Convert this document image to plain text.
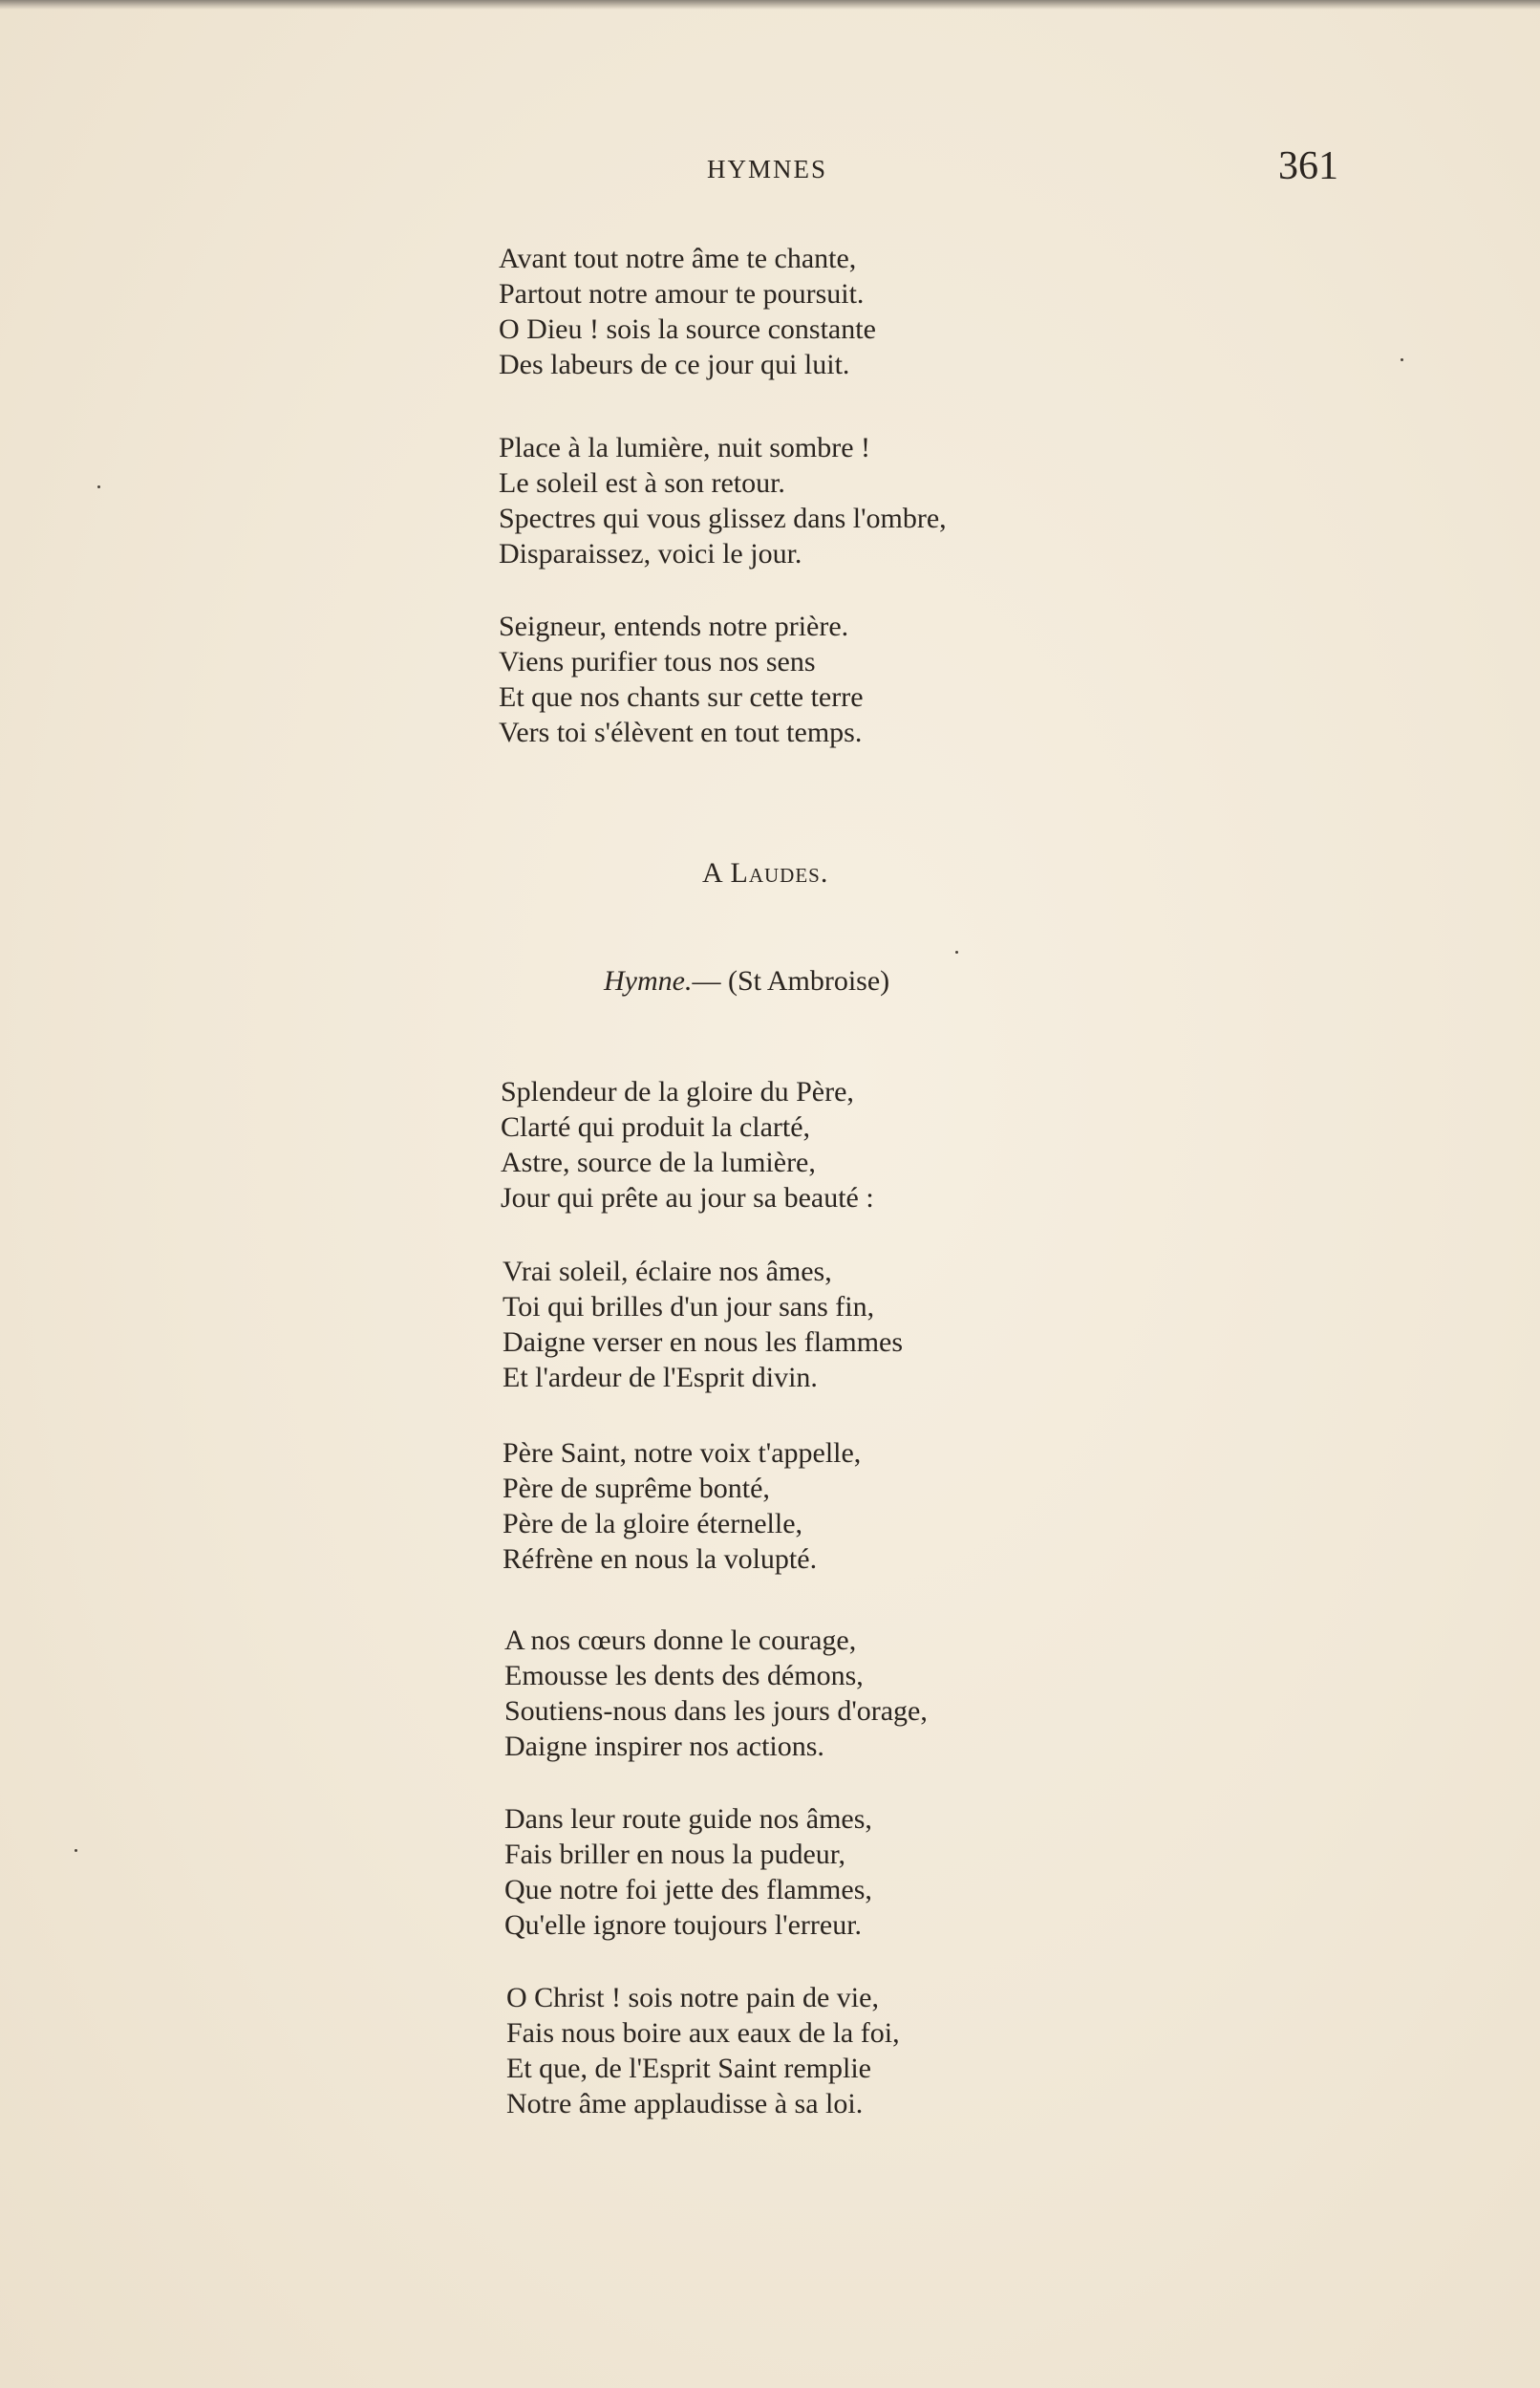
HYMNES	361
Avant tout notre âme te chante,
Partout notre amour te poursuit.
O Dieu ! sois la source constante
Des labeurs de ce jour qui luit.
Place à la lumière, nuit sombre !
Le soleil est à son retour.
Spectres qui vous glissez dans l'ombre,
Disparaissez, voici le jour.
Seigneur, entends notre prière.
Viens purifier tous nos sens
Et que nos chants sur cette terre
Vers toi s'élèvent en tout temps.
A Laudes.
Hymne.— (St Ambroise)
Splendeur de la gloire du Père,
Clarté qui produit la clarté,
Astre, source de la lumière,
Jour qui prête au jour sa beauté :
Vrai soleil, éclaire nos âmes,
Toi qui brilles d'un jour sans fin,
Daigne verser en nous les flammes
Et l'ardeur de l'Esprit divin.
Père Saint, notre voix t'appelle,
Père de suprême bonté,
Père de la gloire éternelle,
Réfrène en nous la volupté.
A nos cœurs donne le courage,
Emousse les dents des démons,
Soutiens-nous dans les jours d'orage,
Daigne inspirer nos actions.
Dans leur route guide nos âmes,
Fais briller en nous la pudeur,
Que notre foi jette des flammes,
Qu'elle ignore toujours l'erreur.
O Christ ! sois notre pain de vie,
Fais nous boire aux eaux de la foi,
Et que, de l'Esprit Saint remplie
Notre âme applaudisse à sa loi.
